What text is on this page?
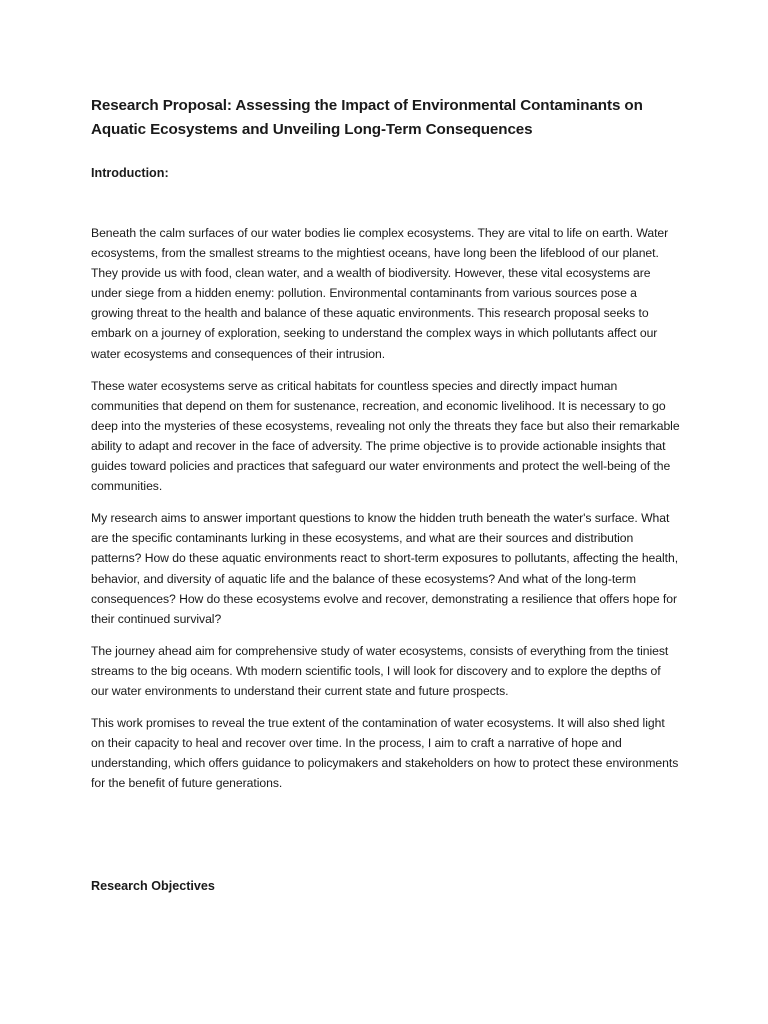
Research Proposal: Assessing the Impact of Environmental Contaminants on Aquatic Ecosystems and Unveiling Long-Term Consequences
Introduction:

Beneath the calm surfaces of our water bodies lie complex ecosystems. They are vital to life on earth. Water ecosystems, from the smallest streams to the mightiest oceans, have long been the lifeblood of our planet. They provide us with food, clean water, and a wealth of biodiversity. However, these vital ecosystems are under siege from a hidden enemy: pollution. Environmental contaminants from various sources pose a growing threat to the health and balance of these aquatic environments. This research proposal seeks to embark on a journey of exploration, seeking to understand the complex ways in which pollutants affect our water ecosystems and consequences of their intrusion.

These water ecosystems serve as critical habitats for countless species and directly impact human communities that depend on them for sustenance, recreation, and economic livelihood. It is necessary to go deep into the mysteries of these ecosystems, revealing not only the threats they face but also their remarkable ability to adapt and recover in the face of adversity. The prime objective is to provide actionable insights that guides toward policies and practices that safeguard our water environments and protect the well-being of the communities.

My research aims to answer important questions to know the hidden truth beneath the water's surface. What are the specific contaminants lurking in these ecosystems, and what are their sources and distribution patterns? How do these aquatic environments react to short-term exposures to pollutants, affecting the health, behavior, and diversity of aquatic life and the balance of these ecosystems? And what of the long-term consequences? How do these ecosystems evolve and recover, demonstrating a resilience that offers hope for their continued survival?

The journey ahead aim for comprehensive study of water ecosystems, consists of everything from the tiniest streams to the big oceans. Wth modern scientific tools, I will look for discovery and to explore the depths of our water environments to understand their current state and future prospects.

This work promises to reveal the true extent of the contamination of water ecosystems. It will also shed light on their capacity to heal and recover over time. In the process, I aim to craft a narrative of hope and understanding, which offers guidance to policymakers and stakeholders on how to protect these environments for the benefit of future generations.

Research Objectives
